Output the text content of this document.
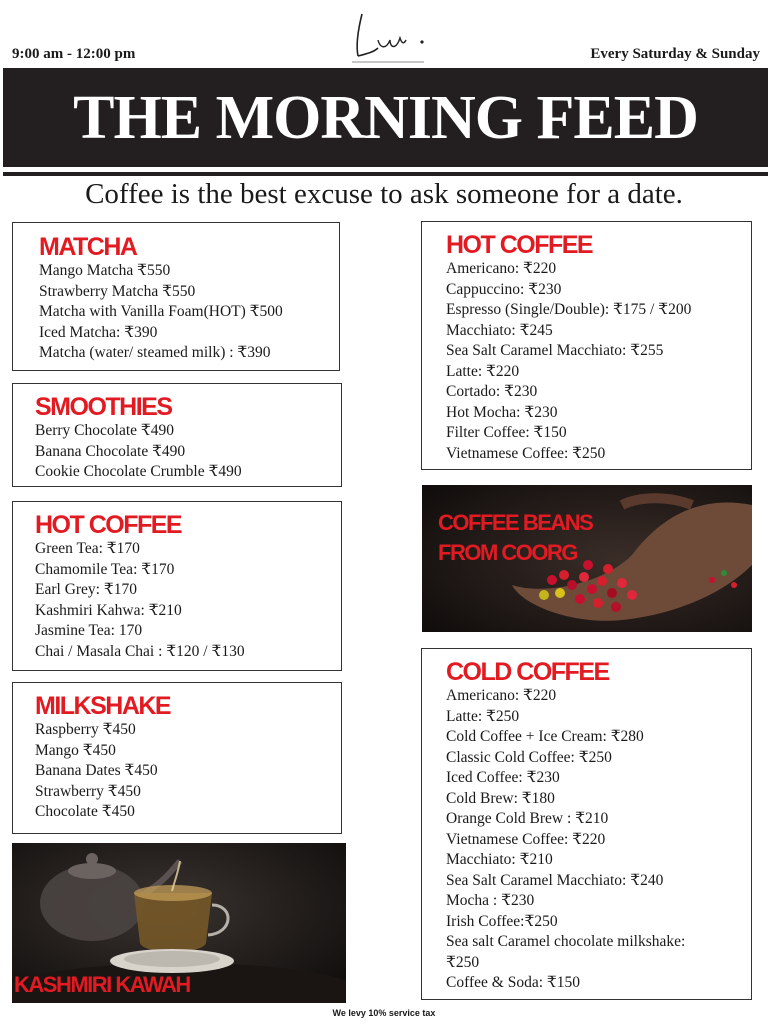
9:00 am - 12:00 pm	Every Saturday & Sunday
THE MORNING FEED
Coffee is the best excuse to ask someone for a date.
MATCHA
Mango Matcha ₹550
Strawberry Matcha ₹550
Matcha with Vanilla Foam(HOT) ₹500
Iced Matcha: ₹390
Matcha (water/ steamed milk) : ₹390
SMOOTHIES
Berry Chocolate ₹490
Banana Chocolate ₹490
Cookie Chocolate Crumble ₹490
HOT COFFEE
Green Tea: ₹170
Chamomile Tea: ₹170
Earl Grey: ₹170
Kashmiri Kahwa: ₹210
Jasmine Tea: 170
Chai / Masala Chai : ₹120 / ₹130
MILKSHAKE
Raspberry ₹450
Mango ₹450
Banana Dates ₹450
Strawberry ₹450
Chocolate ₹450
KASHMIRI KAWAH
HOT COFFEE
Americano: ₹220
Cappuccino: ₹230
Espresso (Single/Double): ₹175 / ₹200
Macchiato: ₹245
Sea Salt Caramel Macchiato: ₹255
Latte: ₹220
Cortado: ₹230
Hot Mocha: ₹230
Filter Coffee: ₹150
Vietnamese Coffee: ₹250
COFFEE BEANS
FROM COORG
COLD COFFEE
Americano: ₹220
Latte: ₹250
Cold Coffee + Ice Cream: ₹280
Classic Cold Coffee: ₹250
Iced Coffee: ₹230
Cold Brew: ₹180
Orange Cold Brew : ₹210
Vietnamese Coffee: ₹220
Macchiato: ₹210
Sea Salt Caramel Macchiato: ₹240
Mocha : ₹230
Irish Coffee:₹250
Sea salt Caramel chocolate milkshake:
₹250
Coffee & Soda: ₹150
We levy 10% service tax
